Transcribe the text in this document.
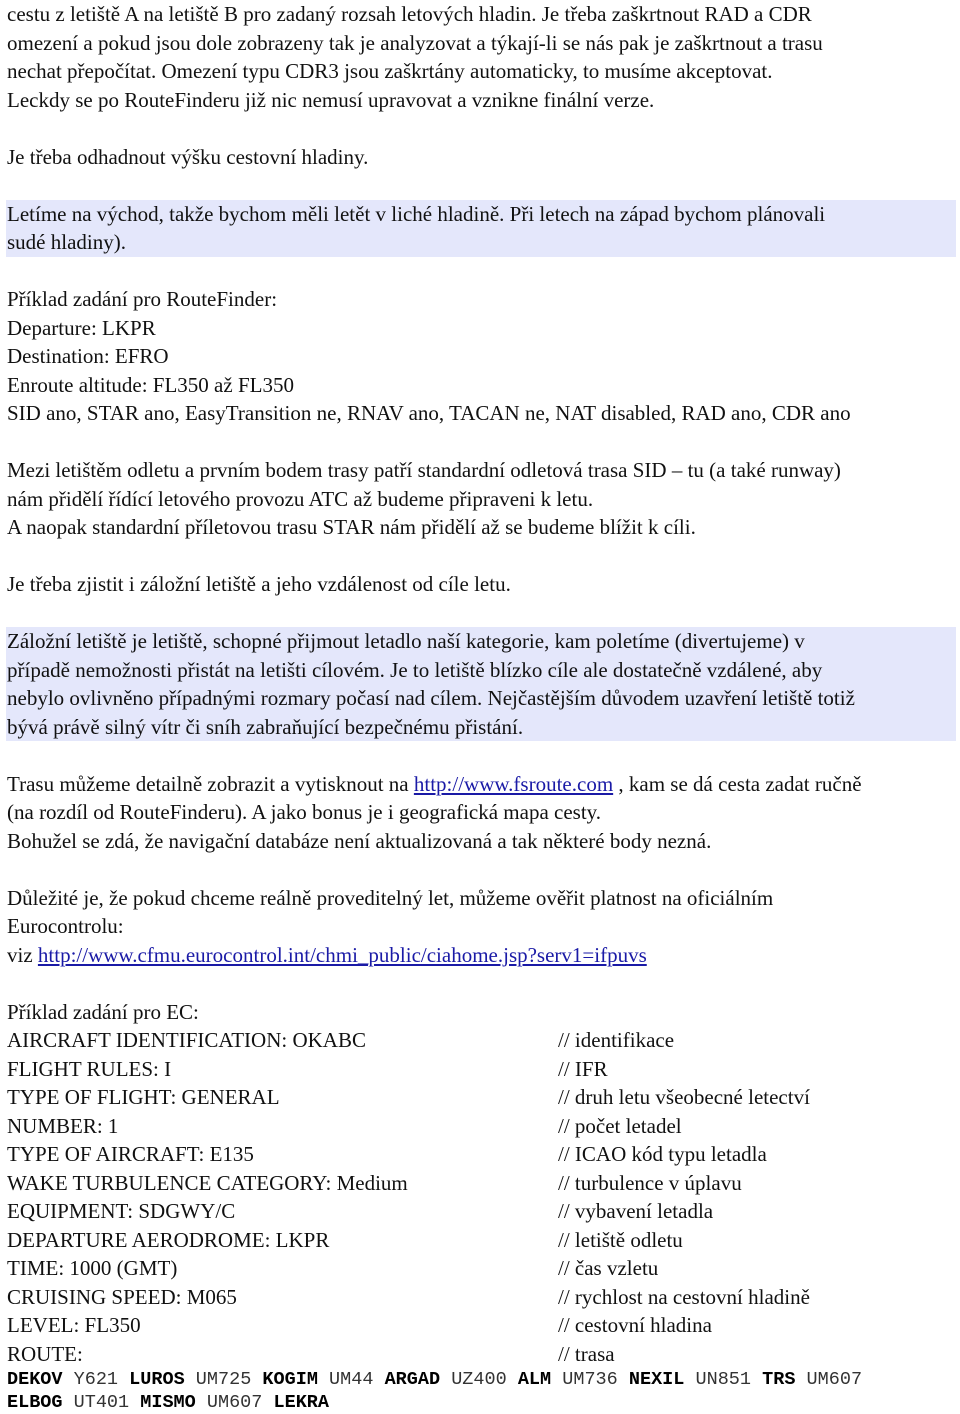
cestu z letiště A na letiště B pro zadaný rozsah letových hladin. Je třeba zaškrtnout RAD a CDR

omezení a pokud jsou dole zobrazeny tak je analyzovat a týkají-li se nás pak je zaškrtnout a trasu

nechat přepočítat. Omezení typu CDR3 jsou zaškrtány automaticky, to musíme akceptovat.

Leckdy se po RouteFinderu již nic nemusí upravovat a vznikne finální verze.

Je třeba odhadnout výšku cestovní hladiny.

Letíme na východ, takže bychom měli letět v liché hladině. Při letech na západ bychom plánovali

sudé hladiny).

Příklad zadání pro RouteFinder:

Departure: LKPR

Destination: EFRO

Enroute altitude: FL350 až FL350

SID ano, STAR ano, EasyTransition ne, RNAV ano, TACAN ne, NAT disabled, RAD ano, CDR ano

Mezi letištěm odletu a prvním bodem trasy patří standardní odletová trasa SID – tu (a také runway)

nám přidělí řídící letového provozu ATC až budeme připraveni k letu.

A naopak standardní příletovou trasu STAR nám přidělí až se budeme blížit k cíli.

Je třeba zjistit i záložní letiště a jeho vzdálenost od cíle letu.

Záložní letiště je letiště, schopné přijmout letadlo naší kategorie, kam poletíme (divertujeme) v

případě nemožnosti přistát na letišti cílovém. Je to letiště blízko cíle ale dostatečně vzdálené, aby

nebylo ovlivněno případnými rozmary počasí nad cílem. Nejčastějším důvodem uzavření letiště totiž

bývá právě silný vítr či sníh zabraňující bezpečnému přistání.

Trasu můžeme detailně zobrazit a vytisknout na http://www.fsroute.com , kam se dá cesta zadat ručně

(na rozdíl od RouteFinderu). A jako bonus je i geografická mapa cesty.

Bohužel se zdá, že navigační databáze není aktualizovaná a tak některé body nezná.

Důležité je, že pokud chceme reálně proveditelný let, můžeme ověřit platnost na oficiálním

Eurocontrolu:

viz http://www.cfmu.eurocontrol.int/chmi_public/ciahome.jsp?serv1=ifpuvs

Příklad zadání pro EC:

AIRCRAFT IDENTIFICATION: OKABC	// identifikace
FLIGHT RULES: I	// IFR
TYPE OF FLIGHT: GENERAL	// druh letu všeobecné letectví
NUMBER: 1	// počet letadel
TYPE OF AIRCRAFT: E135	// ICAO kód typu letadla
WAKE TURBULENCE CATEGORY: Medium	// turbulence v úplavu
EQUIPMENT: SDGWY/C	// vybavení letadla
DEPARTURE AERODROME: LKPR	// letiště odletu
TIME: 1000 (GMT)	// čas vzletu
CRUISING SPEED: M065	// rychlost na cestovní hladině
LEVEL: FL350	// cestovní hladina
ROUTE:	// trasa
DEKOV Y621 LUROS UM725 KOGIM UM44 ARGAD UZ400 ALM UM736 NEXIL UN851 TRS UM607
ELBOG UT401 MISMO UM607 LEKRA
